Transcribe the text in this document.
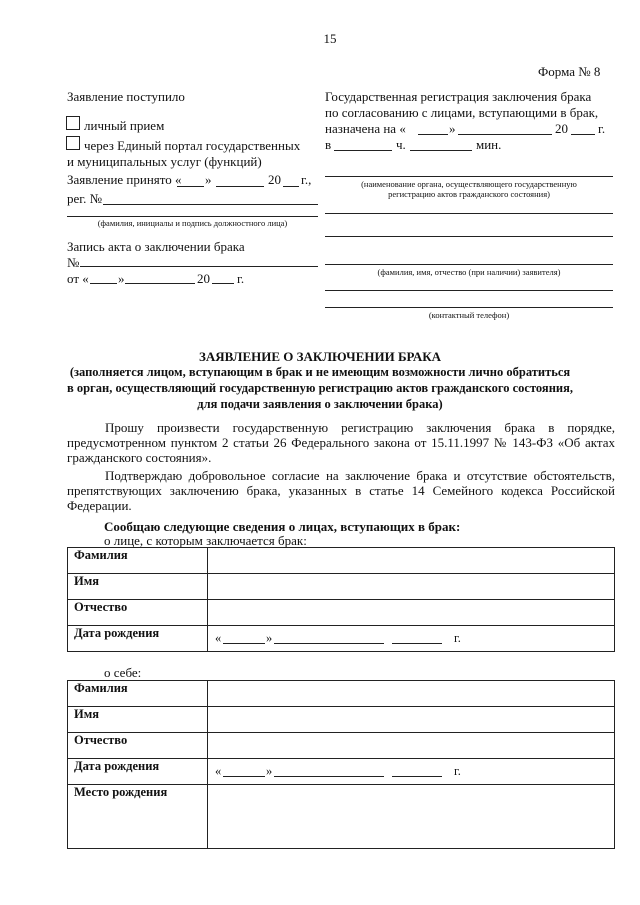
15
Форма № 8
Заявление поступило
личный прием
через Единый портал государственных
и муниципальных услуг (функций)
Заявление принято « »	20 г.,
рег. №
(фамилия, инициалы и подпись должностного лица)
Запись акта о заключении брака
№
от « »	20 г.
Государственная регистрация заключения брака
по согласованию с лицами, вступающими в брак,
назначена на «	»	20 г.
в	ч.	мин.
(наименование органа, осуществляющего государственную
регистрацию актов гражданского состояния)
(фамилия, имя, отчество (при наличии) заявителя)
(контактный телефон)
ЗАЯВЛЕНИЕ О ЗАКЛЮЧЕНИИ БРАКА
(заполняется лицом, вступающим в брак и не имеющим возможности лично обратиться
в орган, осуществляющий государственную регистрацию актов гражданского состояния,
для подачи заявления о заключении брака)
Прошу произвести государственную регистрацию заключения брака в порядке, предусмотренном пунктом 2 статьи 26 Федерального закона от 15.11.1997 № 143-ФЗ «Об актах гражданского состояния».
Подтверждаю добровольное согласие на заключение брака и отсутствие обстоятельств, препятствующих заключению брака, указанных в статье 14 Семейного кодекса Российской Федерации.
Сообщаю следующие сведения о лицах, вступающих в брак:
о лице, с которым заключается брак:
Фамилия	
Имя	
Отчество	
Дата рождения	« » г.
о себе:
Фамилия	
Имя	
Отчество	
Дата рождения	« » г.

Место рождения	
